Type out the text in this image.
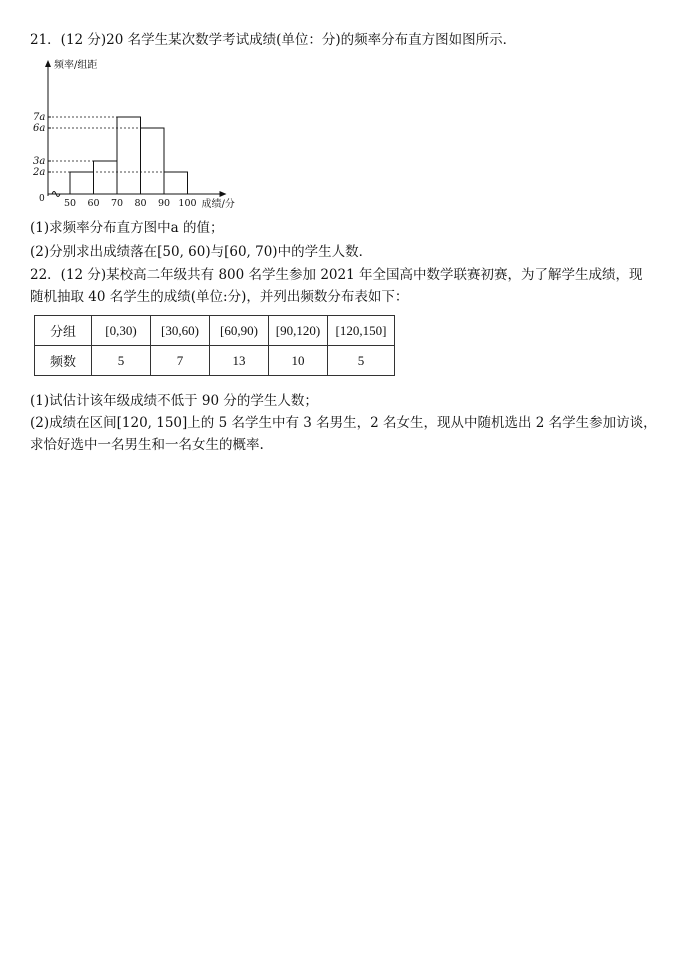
21．(12 分)20 名学生某次数学考试成绩(单位：分)的频率分布直方图如图所示．
频率/组距
成绩/分
0
2a
3a
6a
7a
50 60 70 80 90 100
(1)求频率分布直方图中a 的值；
(2)分别求出成绩落在[50, 60)与[60, 70)中的学生人数．
22．(12 分)某校高二年级共有 800 名学生参加 2021 年全国高中数学联赛初赛，为了解学生成绩，现
随机抽取 40 名学生的成绩(单位:分)，并列出频数分布表如下：
分组	[0,30)	[30,60)	[60,90)	[90,120)	[120,150]
频数	5	7	13	10	5
(1)试估计该年级成绩不低于 90 分的学生人数；
(2)成绩在区间[120, 150]上的 5 名学生中有 3 名男生，2 名女生，现从中随机选出 2 名学生参加访谈，
求恰好选中一名男生和一名女生的概率.
